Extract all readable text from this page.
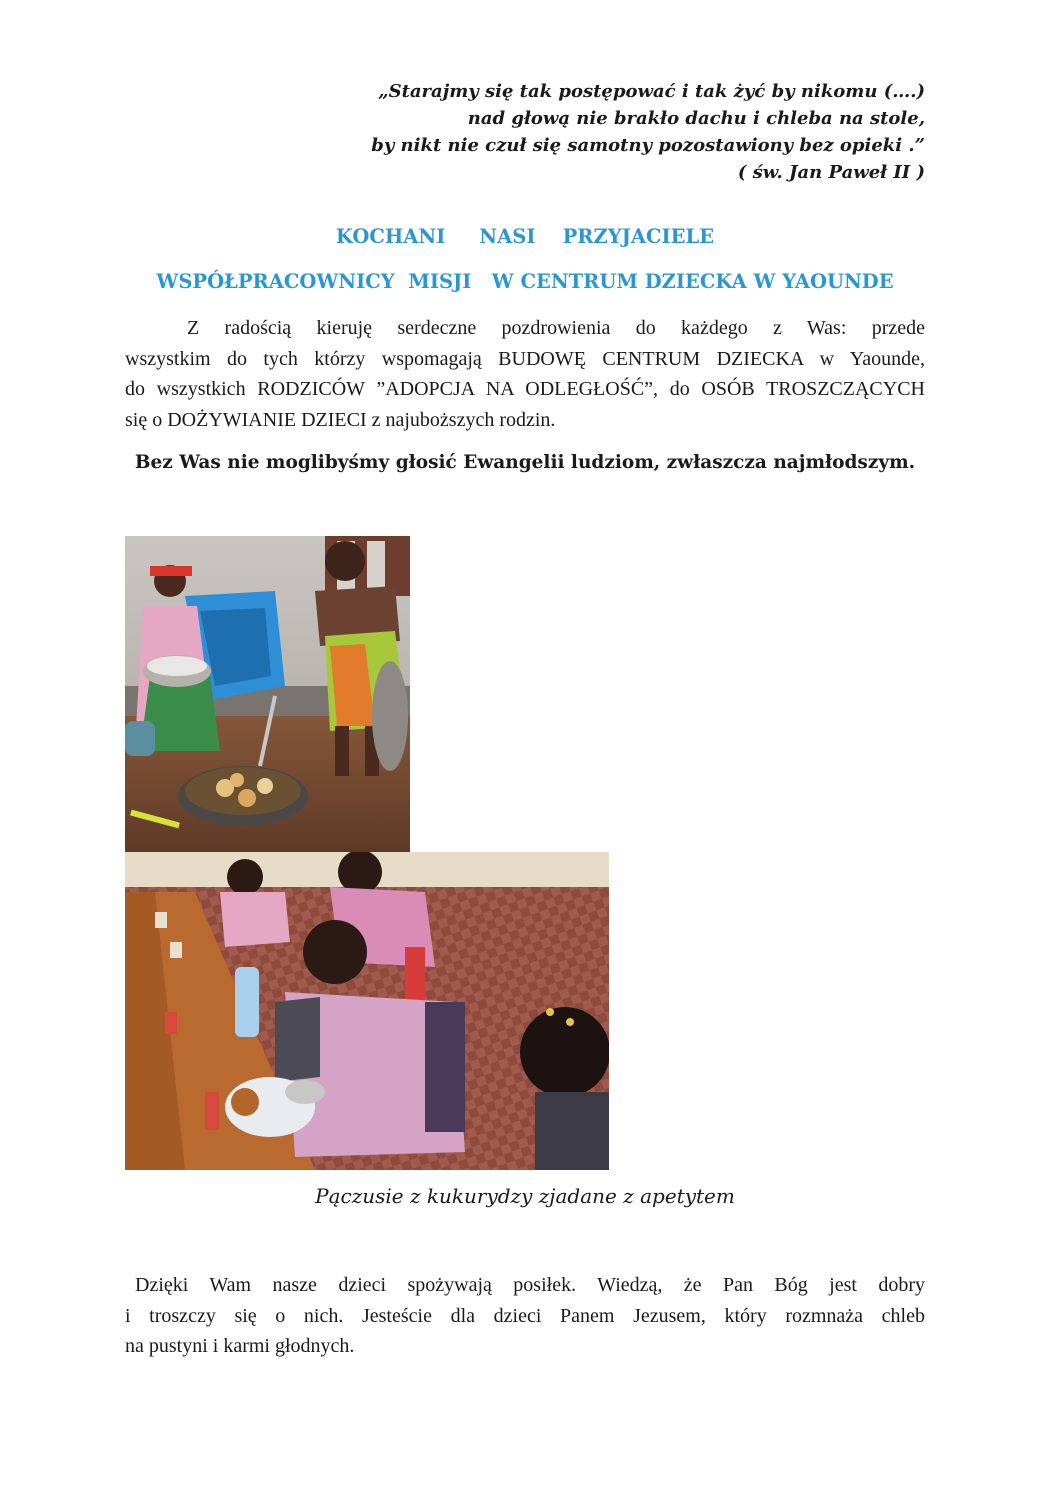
„Starajmy się tak postępować i tak żyć by nikomu (….)
nad głową nie brakło dachu i chleba na stole,
by nikt nie czuł się samotny pozostawiony bez opieki .”
( św. Jan Paweł II )
KOCHANI     NASI    PRZYJACIELE
WSPÓŁPRACOWNICY  MISJI   W CENTRUM DZIECKA W YAOUNDE
Z radością kieruję serdeczne pozdrowienia do każdego z Was: przede
wszystkim do tych którzy wspomagają BUDOWĘ CENTRUM DZIECKA w Yaounde,
do wszystkich RODZICÓW ”ADOPCJA NA ODLEGŁOŚĆ”, do OSÓB TROSZCZĄCYCH
się o DOŻYWIANIE DZIECI z najuboższych rodzin.
Bez Was nie moglibyśmy głosić Ewangelii ludziom, zwłaszcza najmłodszym.
Pączusie z kukurydzy zjadane z apetytem
Dzięki Wam nasze dzieci spożywają posiłek. Wiedzą, że Pan Bóg jest dobry
i troszczy się o nich. Jesteście dla dzieci Panem Jezusem, który rozmnaża chleb
na pustyni i karmi głodnych.
